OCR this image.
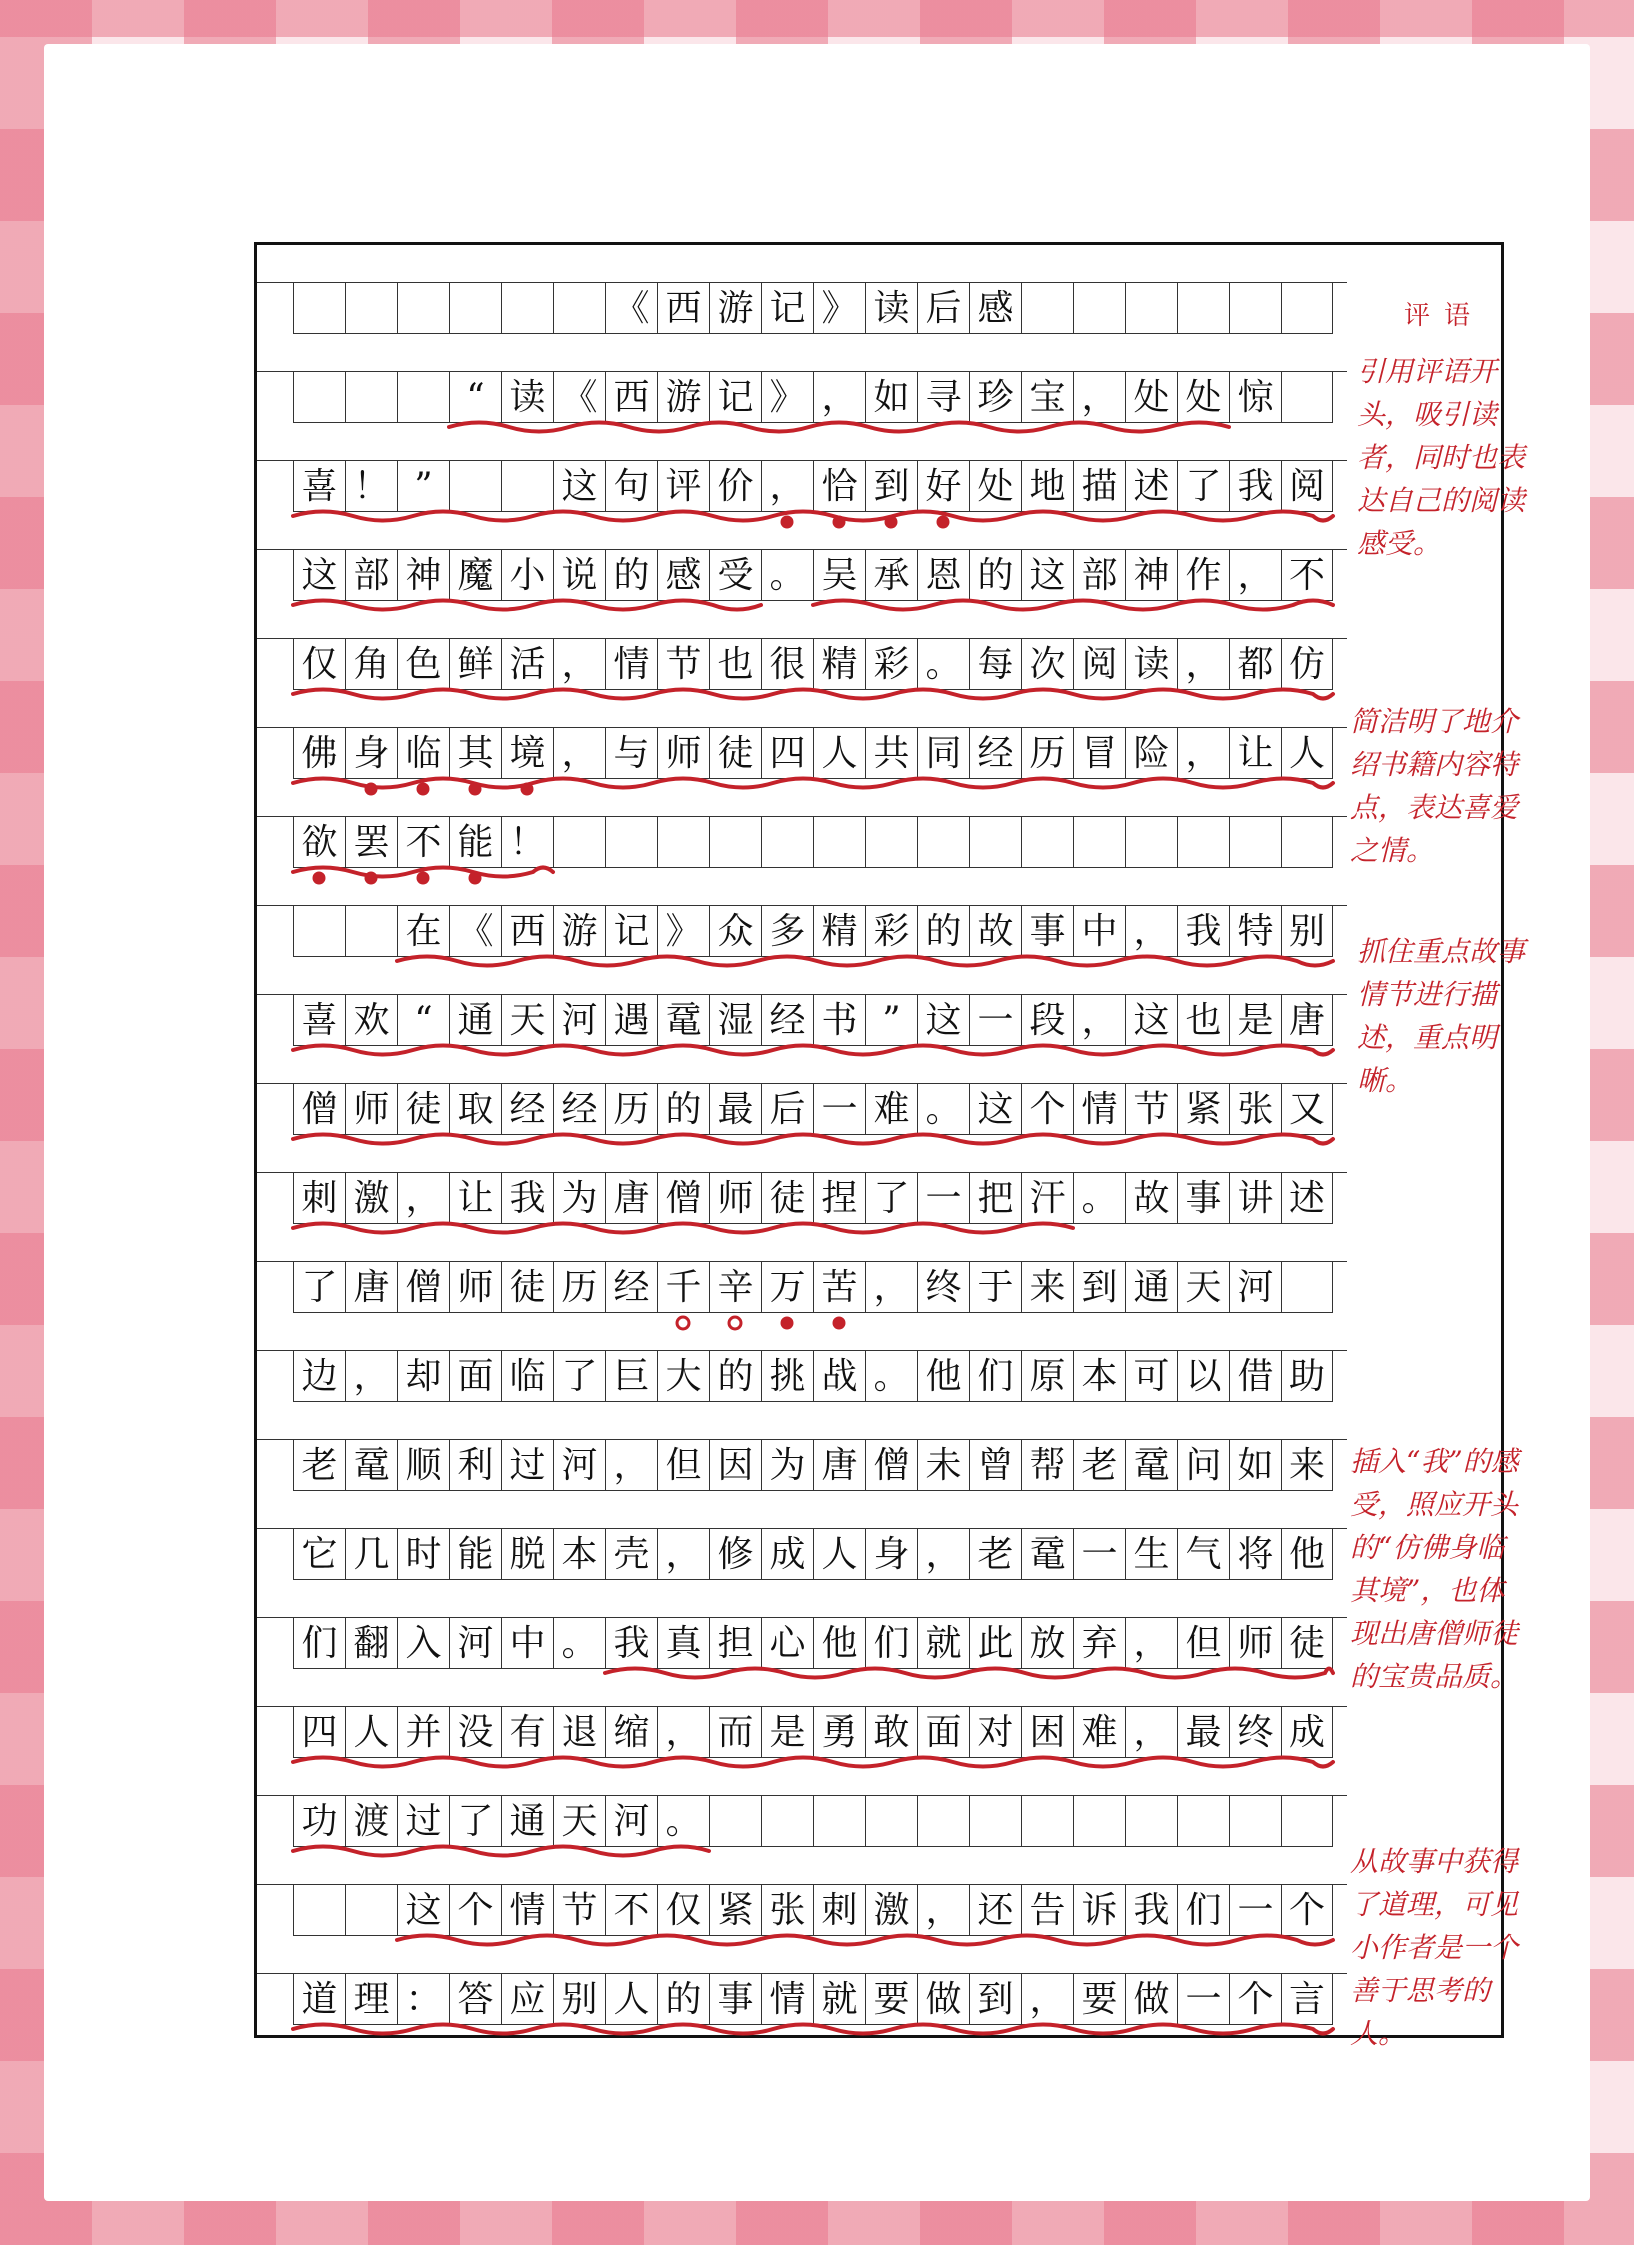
《 西 游 记 》 读 后 感
“ 读 《 西 游 记 》 ， 如 寻 珍 宝 ， 处 处 惊
喜 ！ ”	这 句 评 价 ， 恰 到 好 处 地 描 述 了 我 阅
这 部 神 魔 小 说 的 感 受 。 吴 承 恩 的 这 部 神 作 ， 不
仅 角 色 鲜 活 ， 情 节 也 很 精 彩 。 每 次 阅 读 ， 都 仿
佛 身 临 其 境 ， 与 师 徒 四 人 共 同 经 历 冒 险 ， 让 人
欲 罢 不 能 ！
在 《 西 游 记 》 众 多 精 彩 的 故 事 中 ， 我 特 别
喜 欢 “ 通 天 河 遇 鼋 湿 经 书 ” 这 一 段 ， 这 也 是 唐
僧 师 徒 取 经 经 历 的 最 后 一 难 。 这 个 情 节 紧 张 又
刺 激 ， 让 我 为 唐 僧 师 徒 捏 了 一 把 汗 。 故 事 讲 述
了 唐 僧 师 徒 历 经 千 辛 万 苦 ， 终 于 来 到 通 天 河
边 ， 却 面 临 了 巨 大 的 挑 战 。 他 们 原 本 可 以 借 助
老 鼋 顺 利 过 河 ， 但 因 为 唐 僧 未 曾 帮 老 鼋 问 如 来
它 几 时 能 脱 本 壳 ， 修 成 人 身 ， 老 鼋 一 生 气 将 他
们 翻 入 河 中 。 我 真 担 心 他 们 就 此 放 弃 ， 但 师 徒
四 人 并 没 有 退 缩 ， 而 是 勇 敢 面 对 困 难 ， 最 终 成
功 渡 过 了 通 天 河 。
这 个 情 节 不 仅 紧 张 刺 激 ， 还 告 诉 我 们 一 个
道 理 ： 答 应 别 人 的 事 情 就 要 做 到 ， 要 做 一 个 言
评语
引用评语开头，吸引读者，同时也表达自己的阅读感受。
简洁明了地介绍书籍内容特点，表达喜爱之情。
抓住重点故事情节进行描述，重点明晰。
插入“我”的感受，照应开头的“仿佛身临其境”，也体现出唐僧师徒的宝贵品质。
从故事中获得了道理，可见小作者是一个善于思考的人。
